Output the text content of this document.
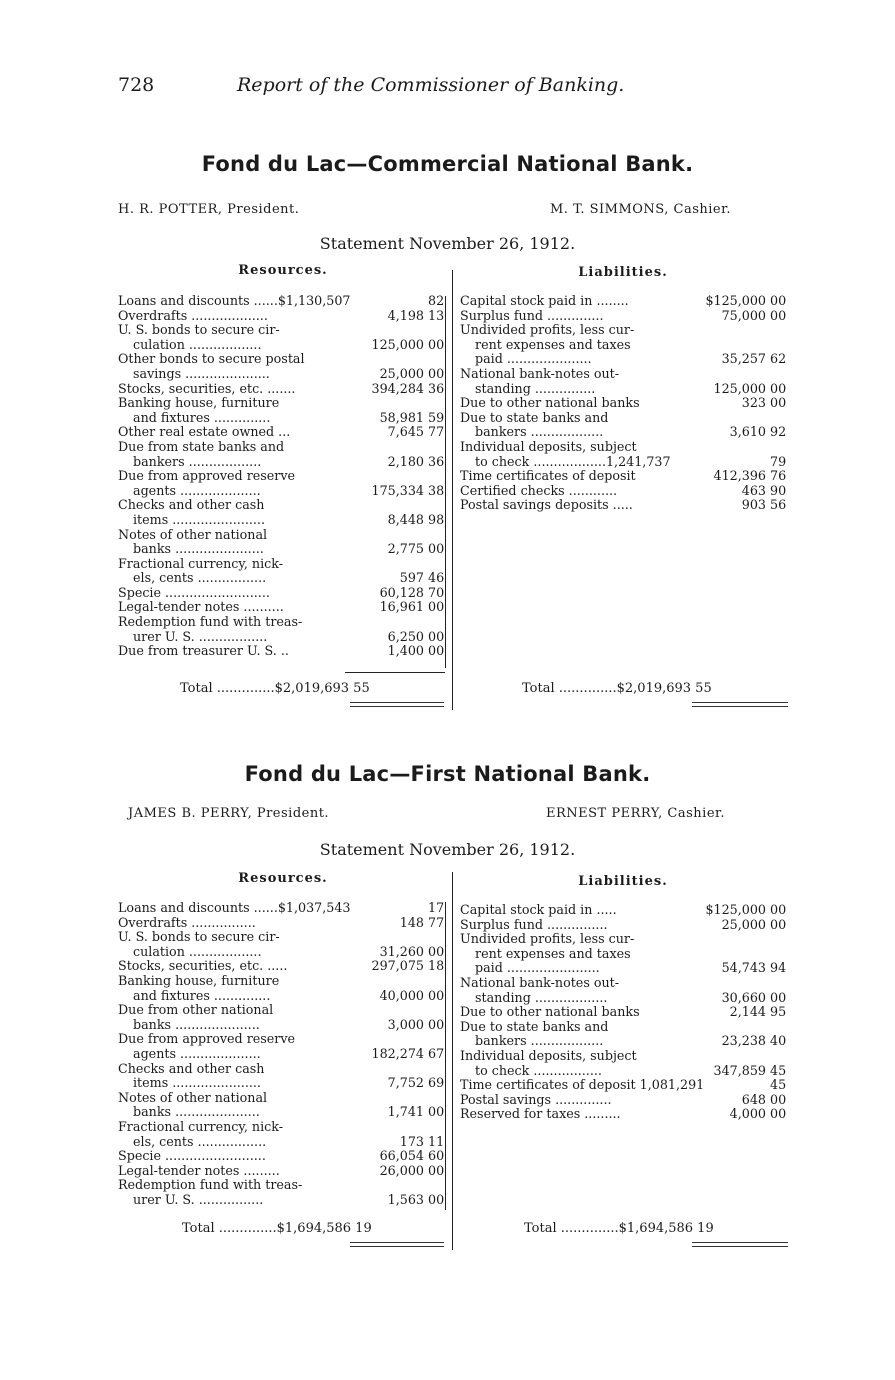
728	Report of the Commissioner of Banking.
Fond du Lac—Commercial National Bank.
H. R. POTTER, President.	M. T. SIMMONS, Cashier.
Statement November 26, 1912.
Resources.	Liabilities.
Loans and discounts ......$1,130,507	82
Overdrafts ...................	4,198 13
U. S. bonds to secure cir-
culation ..................	125,000 00
Other bonds to secure postal
savings .....................	25,000 00
Stocks, securities, etc. .......	394,284 36
Banking house, furniture
and fixtures ..............	58,981 59
Other real estate owned ...	7,645 77
Due from state banks and
bankers ..................	2,180 36
Due from approved reserve
agents ....................	175,334 38
Checks and other cash
items .......................	8,448 98
Notes of other national
banks ......................	2,775 00
Fractional currency, nick-
els, cents .................	597 46
Specie ..........................	60,128 70
Legal-tender notes ..........	16,961 00
Redemption fund with treas-
urer U. S. .................	6,250 00
Due from treasurer U. S. ..	1,400 00
Capital stock paid in ........	$125,000 00
Surplus fund ..............	75,000 00
Undivided profits, less cur-
rent expenses and taxes
paid .....................	35,257 62
National bank-notes out-
standing ...............	125,000 00
Due to other national banks	323 00
Due to state banks and
bankers ..................	3,610 92
Individual deposits, subject
to check ..................1,241,737	79
Time certificates of deposit	412,396 76
Certified checks ............	463 90
Postal savings deposits .....	903 56
Total ..............$2,019,693 55	Total ..............$2,019,693 55
Fond du Lac—First National Bank.
JAMES B. PERRY, President.	ERNEST PERRY, Cashier.
Statement November 26, 1912.
Resources.	Liabilities.
Loans and discounts ......$1,037,543	17
Overdrafts ................	148 77
U. S. bonds to secure cir-
culation ..................	31,260 00
Stocks, securities, etc. .....	297,075 18
Banking house, furniture
and fixtures ..............	40,000 00
Due from other national
banks .....................	3,000 00
Due from approved reserve
agents ....................	182,274 67
Checks and other cash
items ......................	7,752 69
Notes of other national
banks .....................	1,741 00
Fractional currency, nick-
els, cents .................	173 11
Specie .........................	66,054 60
Legal-tender notes .........	26,000 00
Redemption fund with treas-
urer U. S. ................	1,563 00
Capital stock paid in .....	$125,000 00
Surplus fund ...............	25,000 00
Undivided profits, less cur-
rent expenses and taxes
paid .......................	54,743 94
National bank-notes out-
standing ..................	30,660 00
Due to other national banks	2,144 95
Due to state banks and
bankers ..................	23,238 40
Individual deposits, subject
to check .................	347,859 45
Time certificates of deposit 1,081,291	45
Postal savings ..............	648 00
Reserved for taxes .........	4,000 00
Total ..............$1,694,586 19	Total ..............$1,694,586 19
